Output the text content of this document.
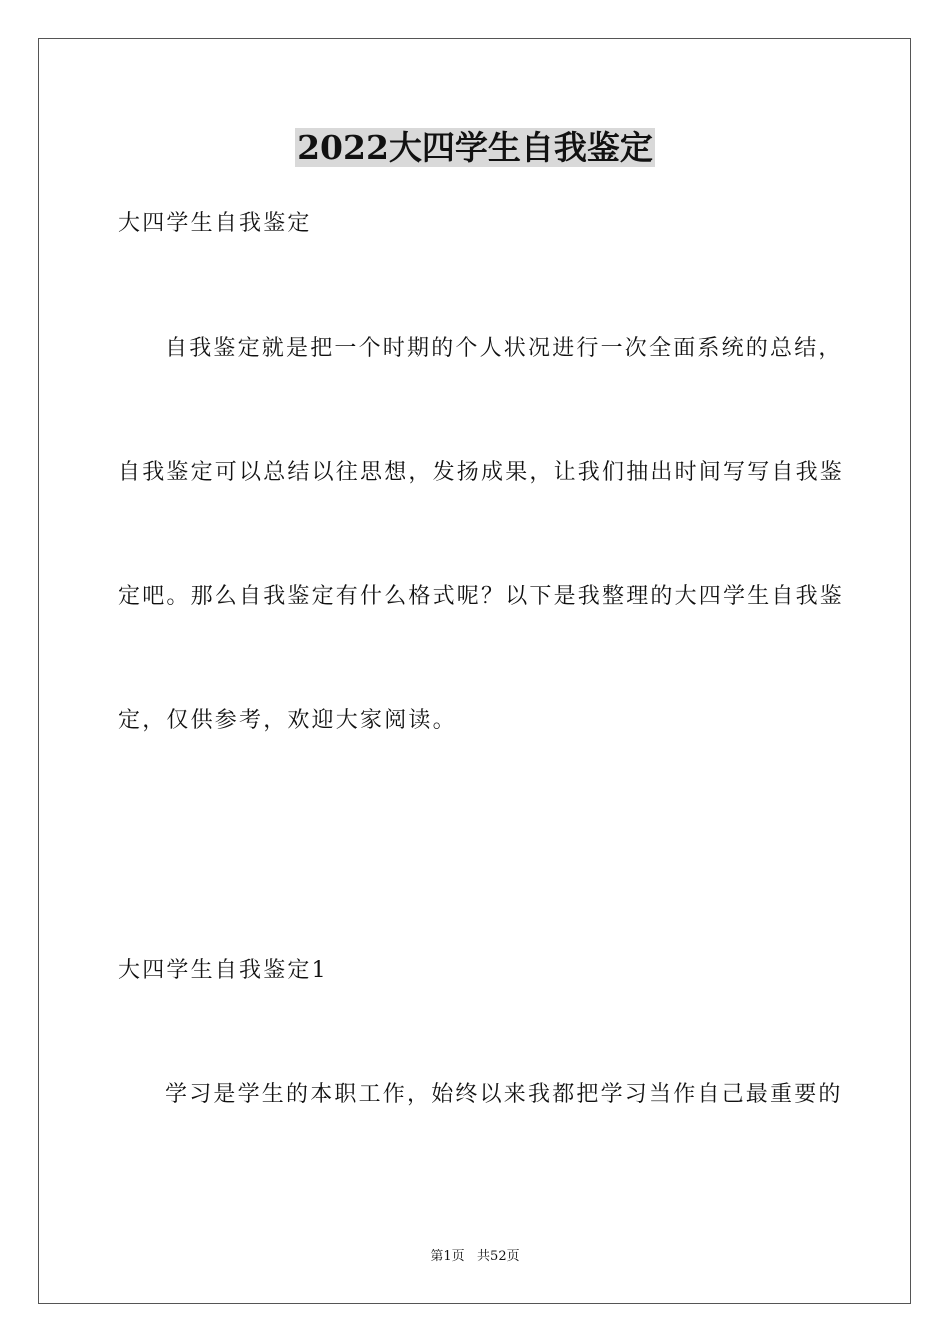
2022大四学生自我鉴定

大四学生自我鉴定

自我鉴定就是把一个时期的个人状况进行一次全面系统的总结，

自我鉴定可以总结以往思想，发扬成果，让我们抽出时间写写自我鉴

定吧。那么自我鉴定有什么格式呢？以下是我整理的大四学生自我鉴

定，仅供参考，欢迎大家阅读。

大四学生自我鉴定1

学习是学生的本职工作，始终以来我都把学习当作自己最重要的

第1页   共52页
